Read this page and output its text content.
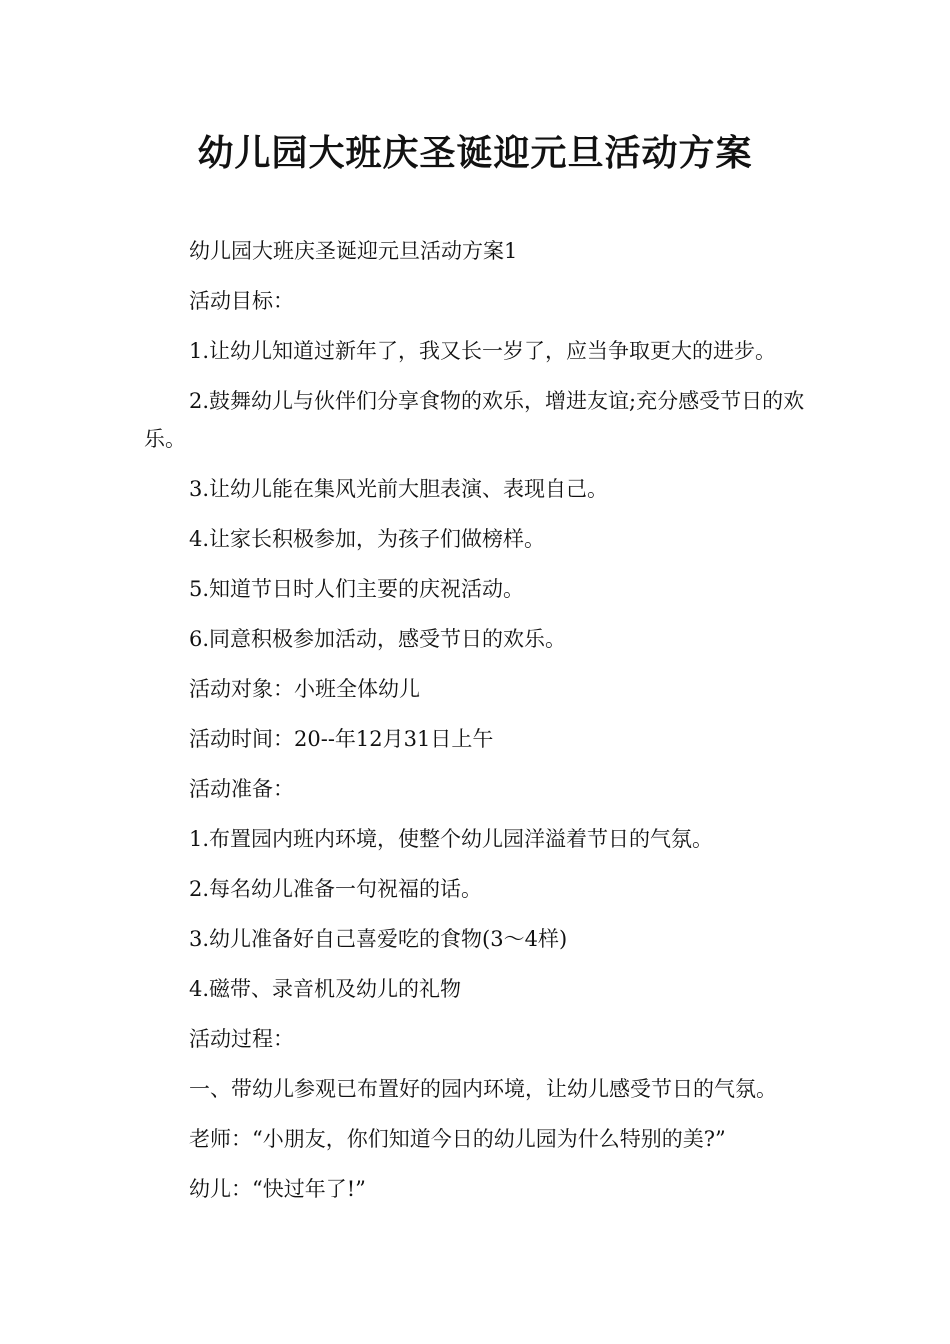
幼儿园大班庆圣诞迎元旦活动方案

幼儿园大班庆圣诞迎元旦活动方案1

活动目标：

1.让幼儿知道过新年了，我又长一岁了，应当争取更大的进步。

2.鼓舞幼儿与伙伴们分享食物的欢乐，增进友谊;充分感受节日的欢乐。

3.让幼儿能在集风光前大胆表演、表现自己。

4.让家长积极参加，为孩子们做榜样。

5.知道节日时人们主要的庆祝活动。

6.同意积极参加活动，感受节日的欢乐。

活动对象：小班全体幼儿

活动时间：20--年12月31日上午

活动准备：

1.布置园内班内环境，使整个幼儿园洋溢着节日的气氛。

2.每名幼儿准备一句祝福的话。

3.幼儿准备好自己喜爱吃的食物(3～4样)

4.磁带、录音机及幼儿的礼物

活动过程：

一、带幼儿参观已布置好的园内环境，让幼儿感受节日的气氛。

老师：“小朋友，你们知道今日的幼儿园为什么特别的美?”

幼儿：“快过年了!”
